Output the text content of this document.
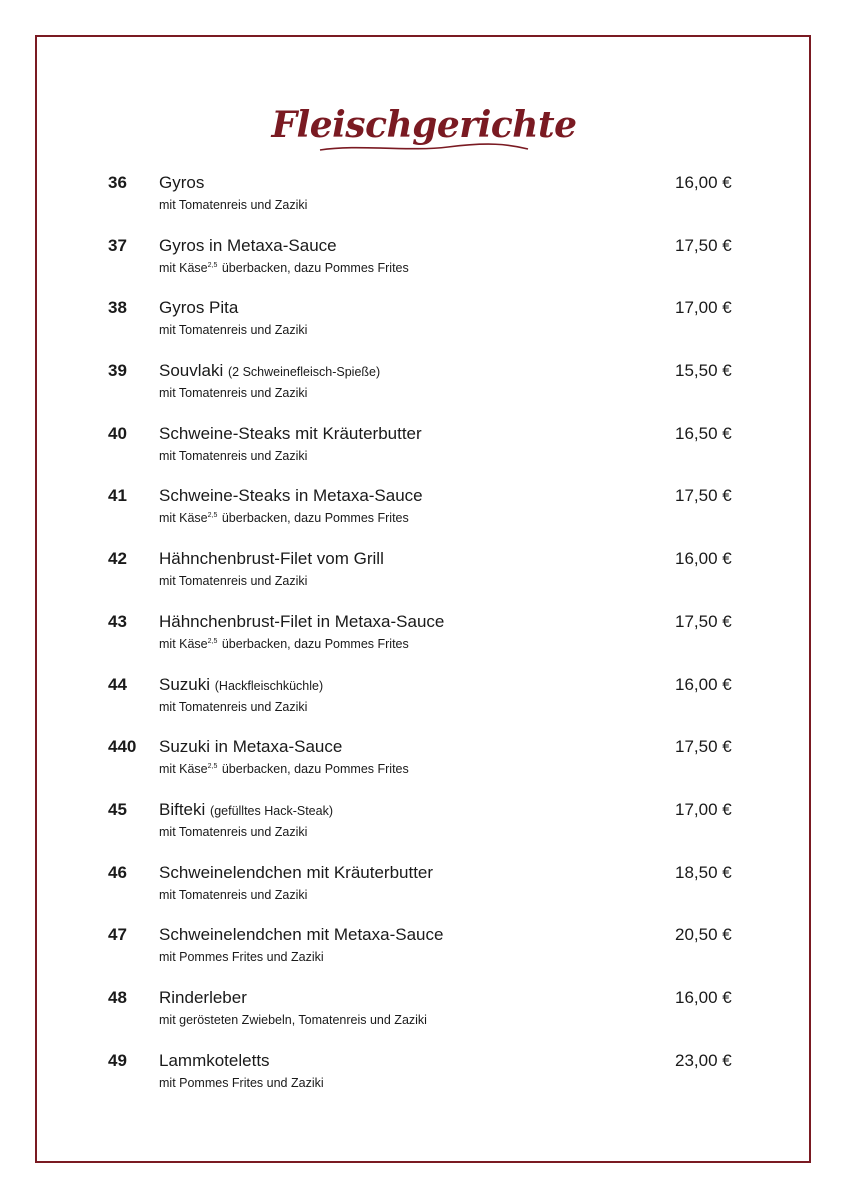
Fleischgerichte
36 Gyros
mit Tomatenreis und Zaziki
16,00 €
37 Gyros in Metaxa-Sauce
mit Käse$^{2,5}$ überbacken, dazu Pommes Frites
17,50 €
38 Gyros Pita
mit Tomatenreis und Zaziki
17,00 €
39 Souvlaki (2 Schweinefleisch-Spieße)
mit Tomatenreis und Zaziki
15,50 €
40 Schweine-Steaks mit Kräuterbutter
mit Tomatenreis und Zaziki
16,50 €
41 Schweine-Steaks in Metaxa-Sauce
mit Käse$^{2,5}$ überbacken, dazu Pommes Frites
17,50 €
42 Hähnchenbrust-Filet vom Grill
mit Tomatenreis und Zaziki
16,00 €
43 Hähnchenbrust-Filet in Metaxa-Sauce
mit Käse$^{2,5}$ überbacken, dazu Pommes Frites
17,50 €
44 Suzuki (Hackfleischküchle)
mit Tomatenreis und Zaziki
16,00 €
440 Suzuki in Metaxa-Sauce
mit Käse$^{2,5}$ überbacken, dazu Pommes Frites
17,50 €
45 Bifteki (gefülltes Hack-Steak)
mit Tomatenreis und Zaziki
17,00 €
46 Schweinelendchen mit Kräuterbutter
mit Tomatenreis und Zaziki
18,50 €
47 Schweinelendchen mit Metaxa-Sauce
mit Pommes Frites und Zaziki
20,50 €
48 Rinderleber
mit gerösteten Zwiebeln, Tomatenreis und Zaziki
16,00 €
49 Lammkoteletts
mit Pommes Frites und Zaziki
23,00 €
